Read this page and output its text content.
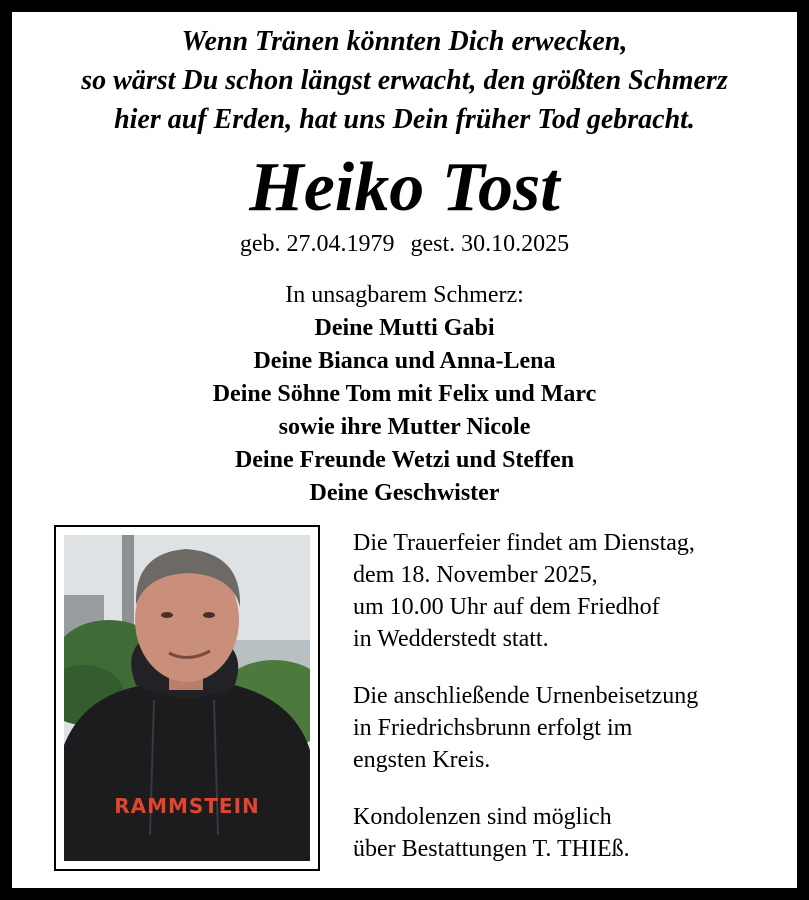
Wenn Tränen könnten Dich erwecken,
so wärst Du schon längst erwacht, den größten Schmerz
hier auf Erden, hat uns Dein früher Tod gebracht.
Heiko Tost
geb. 27.04.1979 gest. 30.10.2025
In unsagbarem Schmerz:
Deine Mutti Gabi
Deine Bianca und Anna-Lena
Deine Söhne Tom mit Felix und Marc
sowie ihre Mutter Nicole
Deine Freunde Wetzi und Steffen
Deine Geschwister
RAMMSTEIN

Die Trauerfeier findet am Dienstag,
dem 18. November 2025,
um 10.00 Uhr auf dem Friedhof
in Wedderstedt statt.

Die anschließende Urnenbeisetzung
in Friedrichsbrunn erfolgt im
engsten Kreis.

Kondolenzen sind möglich
über Bestattungen T. THIEß.
